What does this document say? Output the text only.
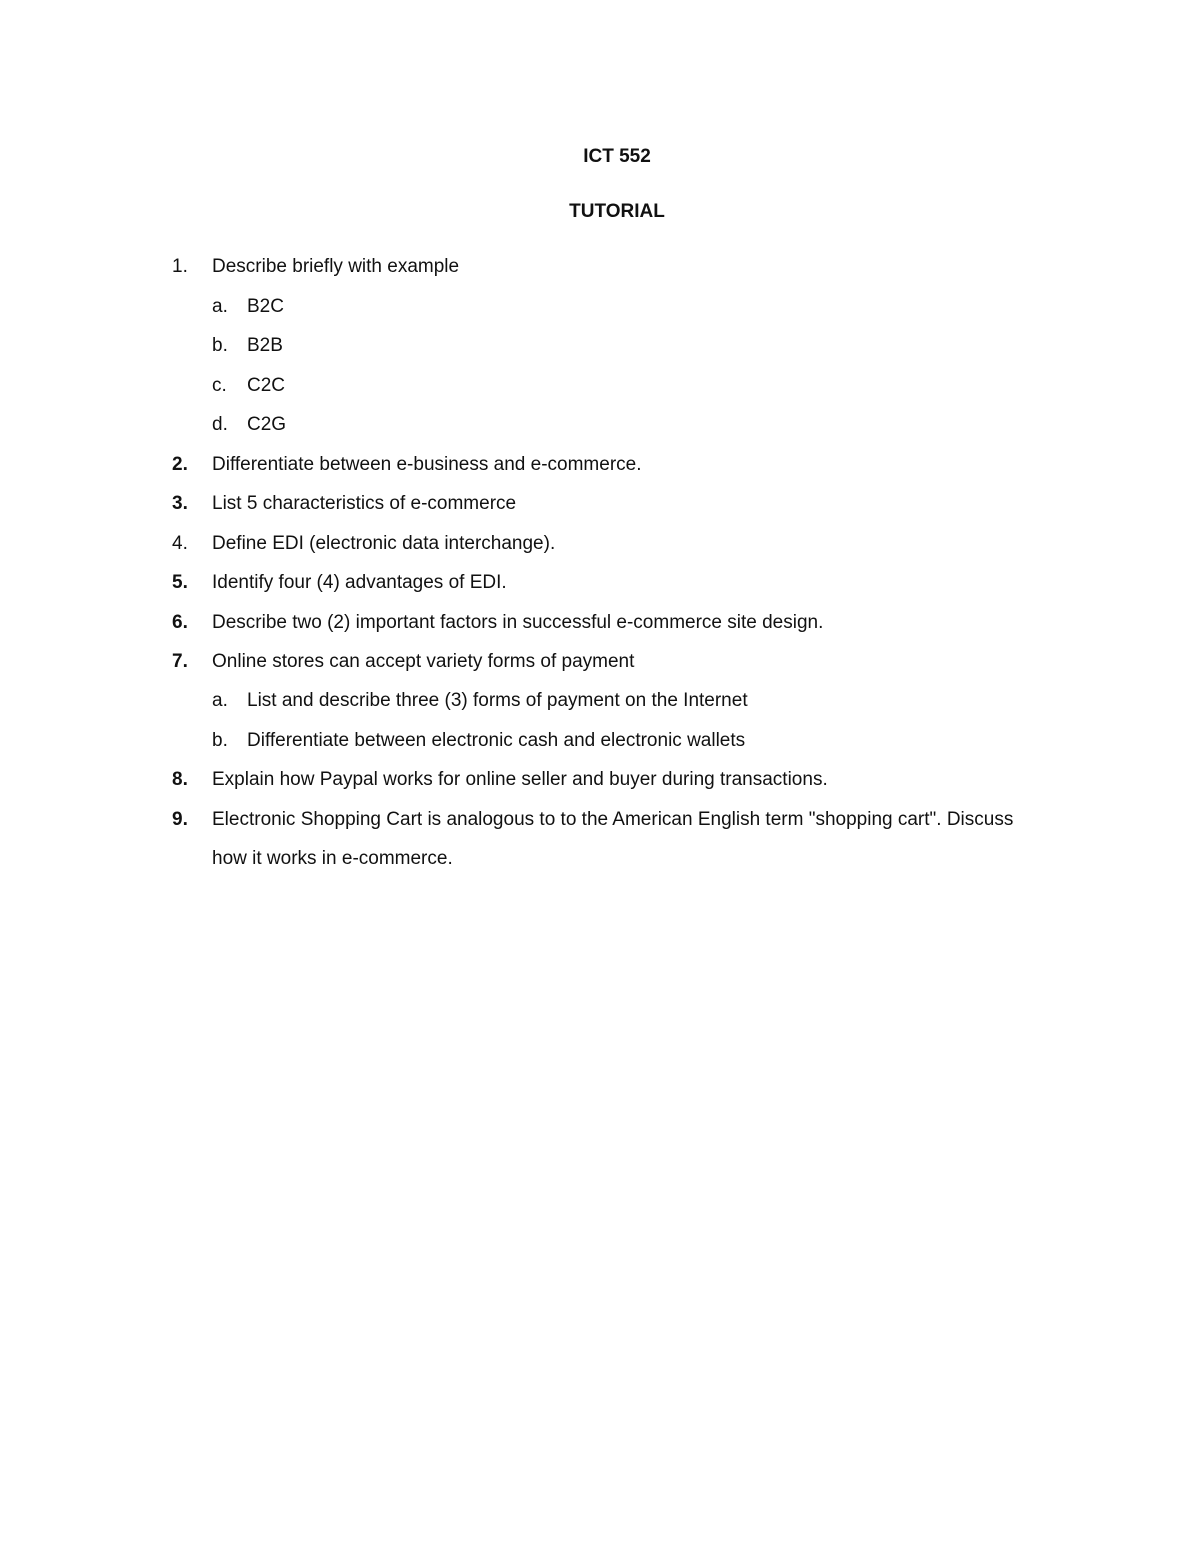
ICT 552
TUTORIAL
1. Describe briefly with example
a. B2C
b. B2B
c. C2C
d. C2G
2. Differentiate between e-business and e-commerce.
3. List 5 characteristics of e-commerce
4. Define EDI (electronic data interchange).
5. Identify four (4) advantages of EDI.
6. Describe two (2) important factors in successful e-commerce site design.
7. Online stores can accept variety forms of payment
a. List and describe three (3) forms of payment on the Internet
b. Differentiate between electronic cash and electronic wallets
8. Explain how Paypal works for online seller and buyer during transactions.
9. Electronic Shopping Cart is analogous to to the American English term "shopping cart". Discuss
how it works in e-commerce.
